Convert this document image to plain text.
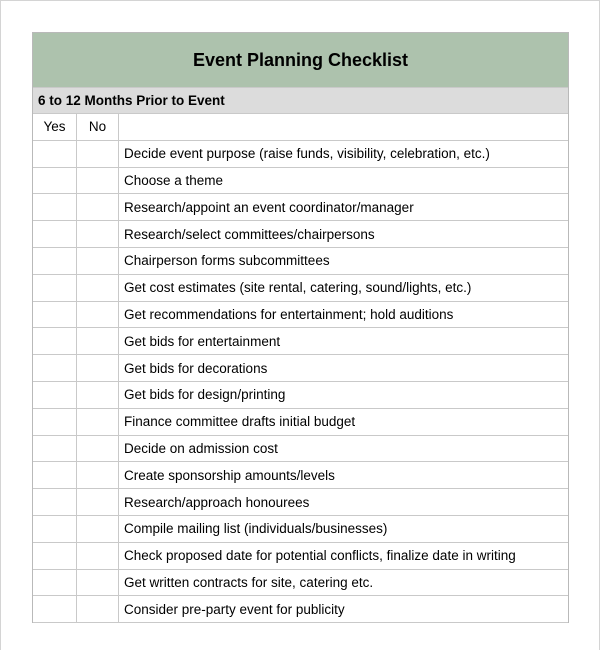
Event Planning Checklist
6 to 12 Months Prior to Event
Yes	No
Decide event purpose (raise funds, visibility, celebration, etc.)
Choose a theme
Research/appoint an event coordinator/manager
Research/select committees/chairpersons
Chairperson forms subcommittees
Get cost estimates (site rental, catering, sound/lights, etc.)
Get recommendations for entertainment; hold auditions
Get bids for entertainment
Get bids for decorations
Get bids for design/printing
Finance committee drafts initial budget
Decide on admission cost
Create sponsorship amounts/levels
Research/approach honourees
Compile mailing list (individuals/businesses)
Check proposed date for potential conflicts, finalize date in writing
Get written contracts for site, catering etc.
Consider pre-party event for publicity
